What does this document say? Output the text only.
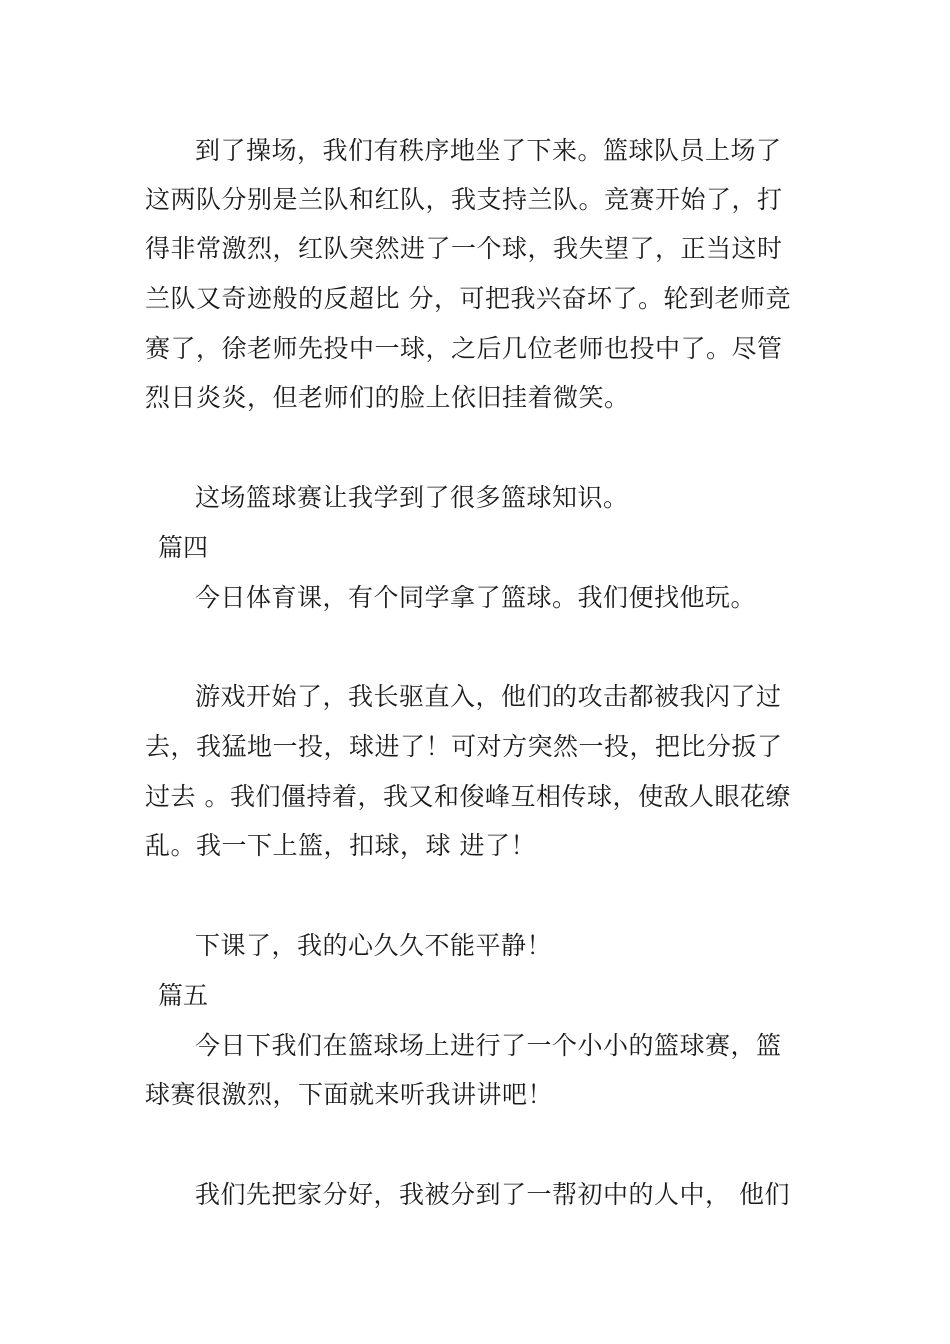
到了操场，我们有秩序地坐了下来。篮球队员上场了
这两队分别是兰队和红队，我支持兰队。竞赛开始了，打
得非常激烈，红队突然进了一个球，我失望了，正当这时
兰队又奇迹般的反超比 分，可把我兴奋坏了。轮到老师竞
赛了，徐老师先投中一球，之后几位老师也投中了。尽管
烈日炎炎，但老师们的脸上依旧挂着微笑。
这场篮球赛让我学到了很多篮球知识。
篇四
今日体育课，有个同学拿了篮球。我们便找他玩。
游戏开始了，我长驱直入，他们的攻击都被我闪了过
去，我猛地一投，球进了！可对方突然一投，把比分扳了
过去 。我们僵持着，我又和俊峰互相传球，使敌人眼花缭
乱。我一下上篮，扣球，球 进了！
下课了，我的心久久不能平静！
篇五
今日下我们在篮球场上进行了一个小小的篮球赛，篮
球赛很激烈，下面就来听我讲讲吧！
我们先把家分好，我被分到了一帮初中的人中， 他们
